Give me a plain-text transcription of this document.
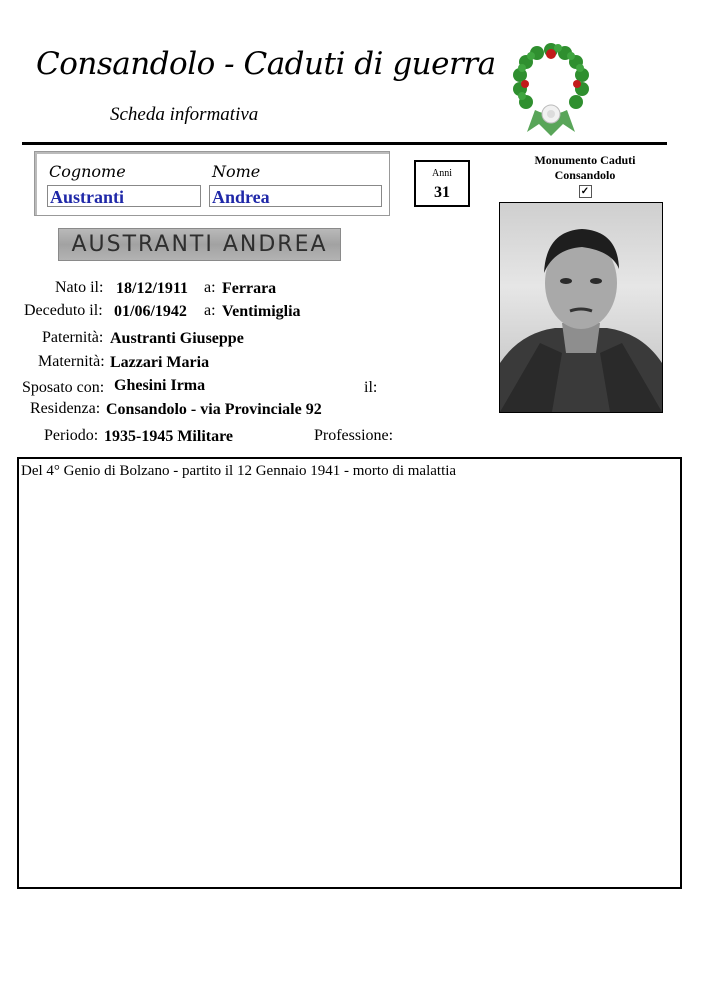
Consandolo - Caduti di guerra
Scheda informativa
Cognome	Nome
Austranti	Andrea
Anni
31
Monumento Caduti
Consandolo
✓
AUSTRANTI ANDREA
Nato il: 18/12/1911 a: Ferrara
Deceduto il: 01/06/1942 a: Ventimiglia
Paternità: Austranti Giuseppe
Maternità: Lazzari Maria
Sposato con: Ghesini Irma	il:
Residenza: Consandolo - via Provinciale 92
Periodo: 1935-1945 Militare	Professione:
Del 4° Genio di Bolzano - partito il 12 Gennaio 1941 - morto di malattia
